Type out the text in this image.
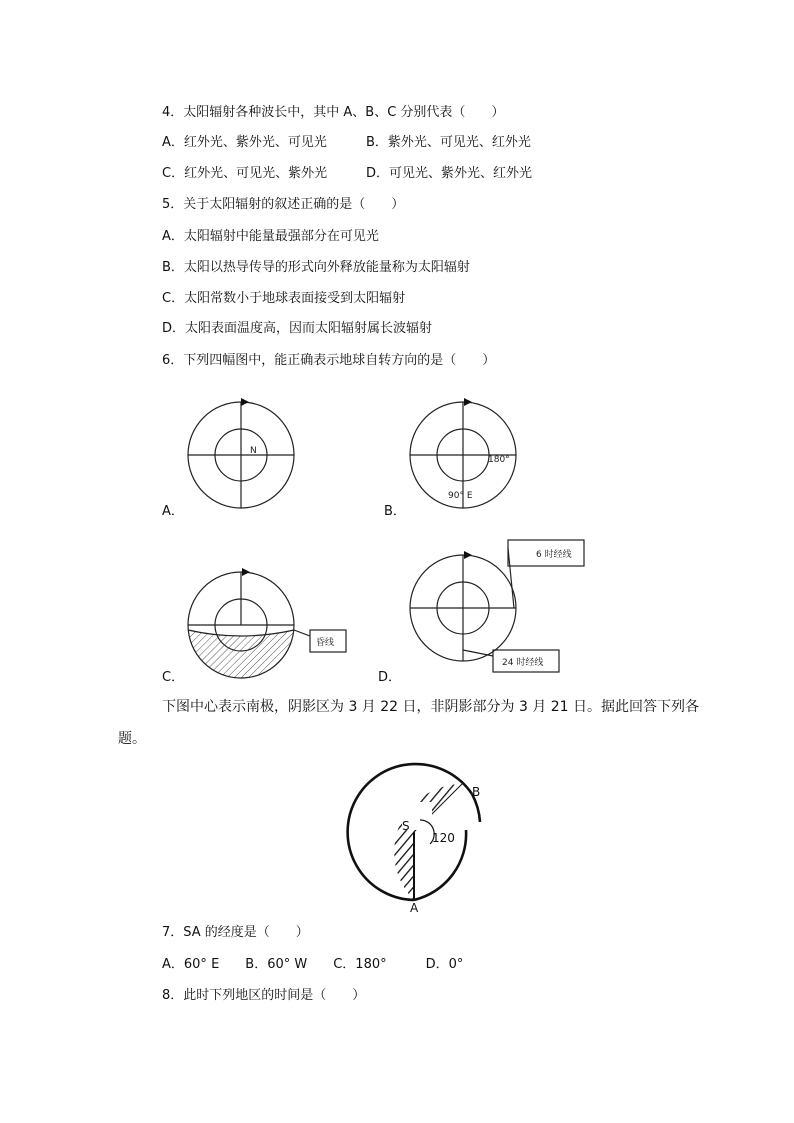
4．太阳辐射各种波长中，其中 A、B、C 分别代表（　　）
A．红外光、紫外光、可见光	B．紫外光、可见光、红外光
C．红外光、可见光、紫外光	D．可见光、紫外光、红外光
5．关于太阳辐射的叙述正确的是（　　）
A．太阳辐射中能量最强部分在可见光
B．太阳以热导传导的形式向外释放能量称为太阳辐射
C．太阳常数小于地球表面接受到太阳辐射
D．太阳表面温度高，因而太阳辐射属长波辐射
6．下列四幅图中，能正确表示地球自转方向的是（　　）
N
A．
180°
90° E
B．
昏线
C．
6 时经线
24 时经线
D．
下图中心表示南极，阴影区为 3 月 22 日，非阴影部分为 3 月 21 日。据此回答下列各
题。
S
A
B
120
7．SA 的经度是（　　）
A．60° E　　B．60° W　　C．180°　　　D．0°
8．此时下列地区的时间是（　　）
